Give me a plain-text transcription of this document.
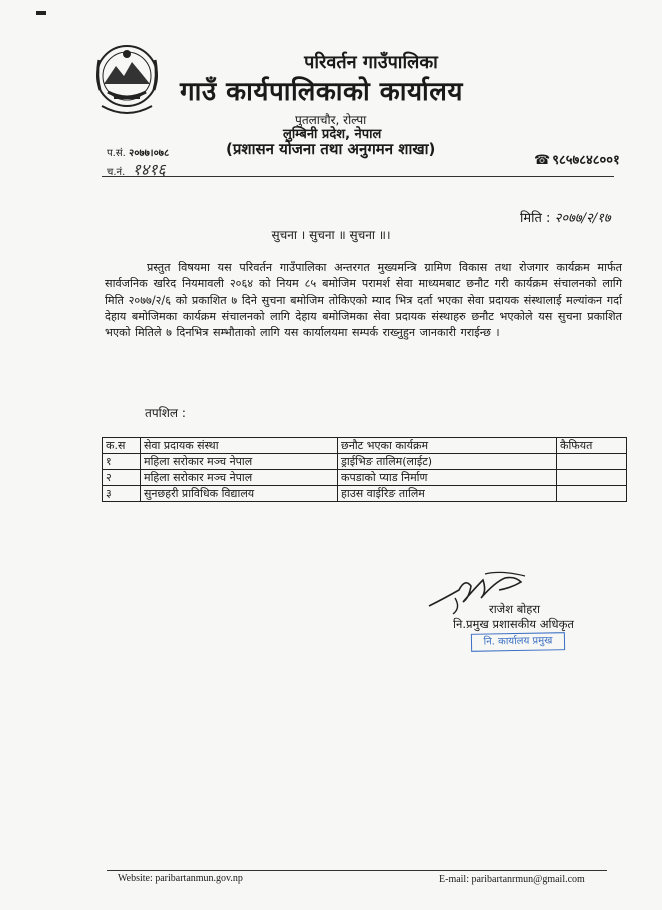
परिवर्तन गाउँपालिका
गाउँ कार्यपालिकाको कार्यालय
पुतलाचौर, रोल्पा
लुम्बिनी प्रदेश, नेपाल
(प्रशासन योजना तथा अनुगमन शाखा)
प.सं. २०७७।०७८
च.नं. १४१६	☎ ९८५७८४८००१
मिति : २०७७/२/१७
सुचना । सुचना ॥ सुचना ॥।
प्रस्तुत विषयमा यस परिवर्तन गाउँपालिका अन्तरगत मुख्यमन्त्रि ग्रामिण विकास तथा रोजगार कार्यक्रम मार्फत सार्वजनिक खरिद नियमावली २०६४ को नियम ८५ बमोजिम परामर्श सेवा माध्यमबाट छनौट गरी कार्यक्रम संचालनको लागि मिति २०७७/२/६ को प्रकाशित ७ दिने सुचना बमोजिम तोकिएको म्याद भित्र दर्ता भएका सेवा प्रदायक संस्थालाई मल्यांकन गर्दा देहाय बमोजिमका कार्यक्रम संचालनको लागि देहाय बमोजिमका सेवा प्रदायक संस्थाहरु छनौट भएकोले यस सुचना प्रकाशित भएको मितिले ७ दिनभित्र सम्भौताको लागि यस कार्यालयमा सम्पर्क राख्नुहुन जानकारी गराईन्छ ।
तपशिल :
क.स	सेवा प्रदायक संस्था	छनौट भएका कार्यक्रम	कैफियत
१	महिला सरोकार मञ्च नेपाल	ड्राईभिङ तालिम(लाईट)	
२	महिला सरोकार मञ्च नेपाल	कपडाको प्याड निर्माण	
३	सुनछहरी प्राविधिक विद्यालय	हाउस वाईरिङ तालिम	
राजेश बोहरा
नि.प्रमुख प्रशासकीय अधिकृत
नि. कार्यालय प्रमुख
Website: paribartanmun.gov.np	E-mail: paribartanrmun@gmail.com
